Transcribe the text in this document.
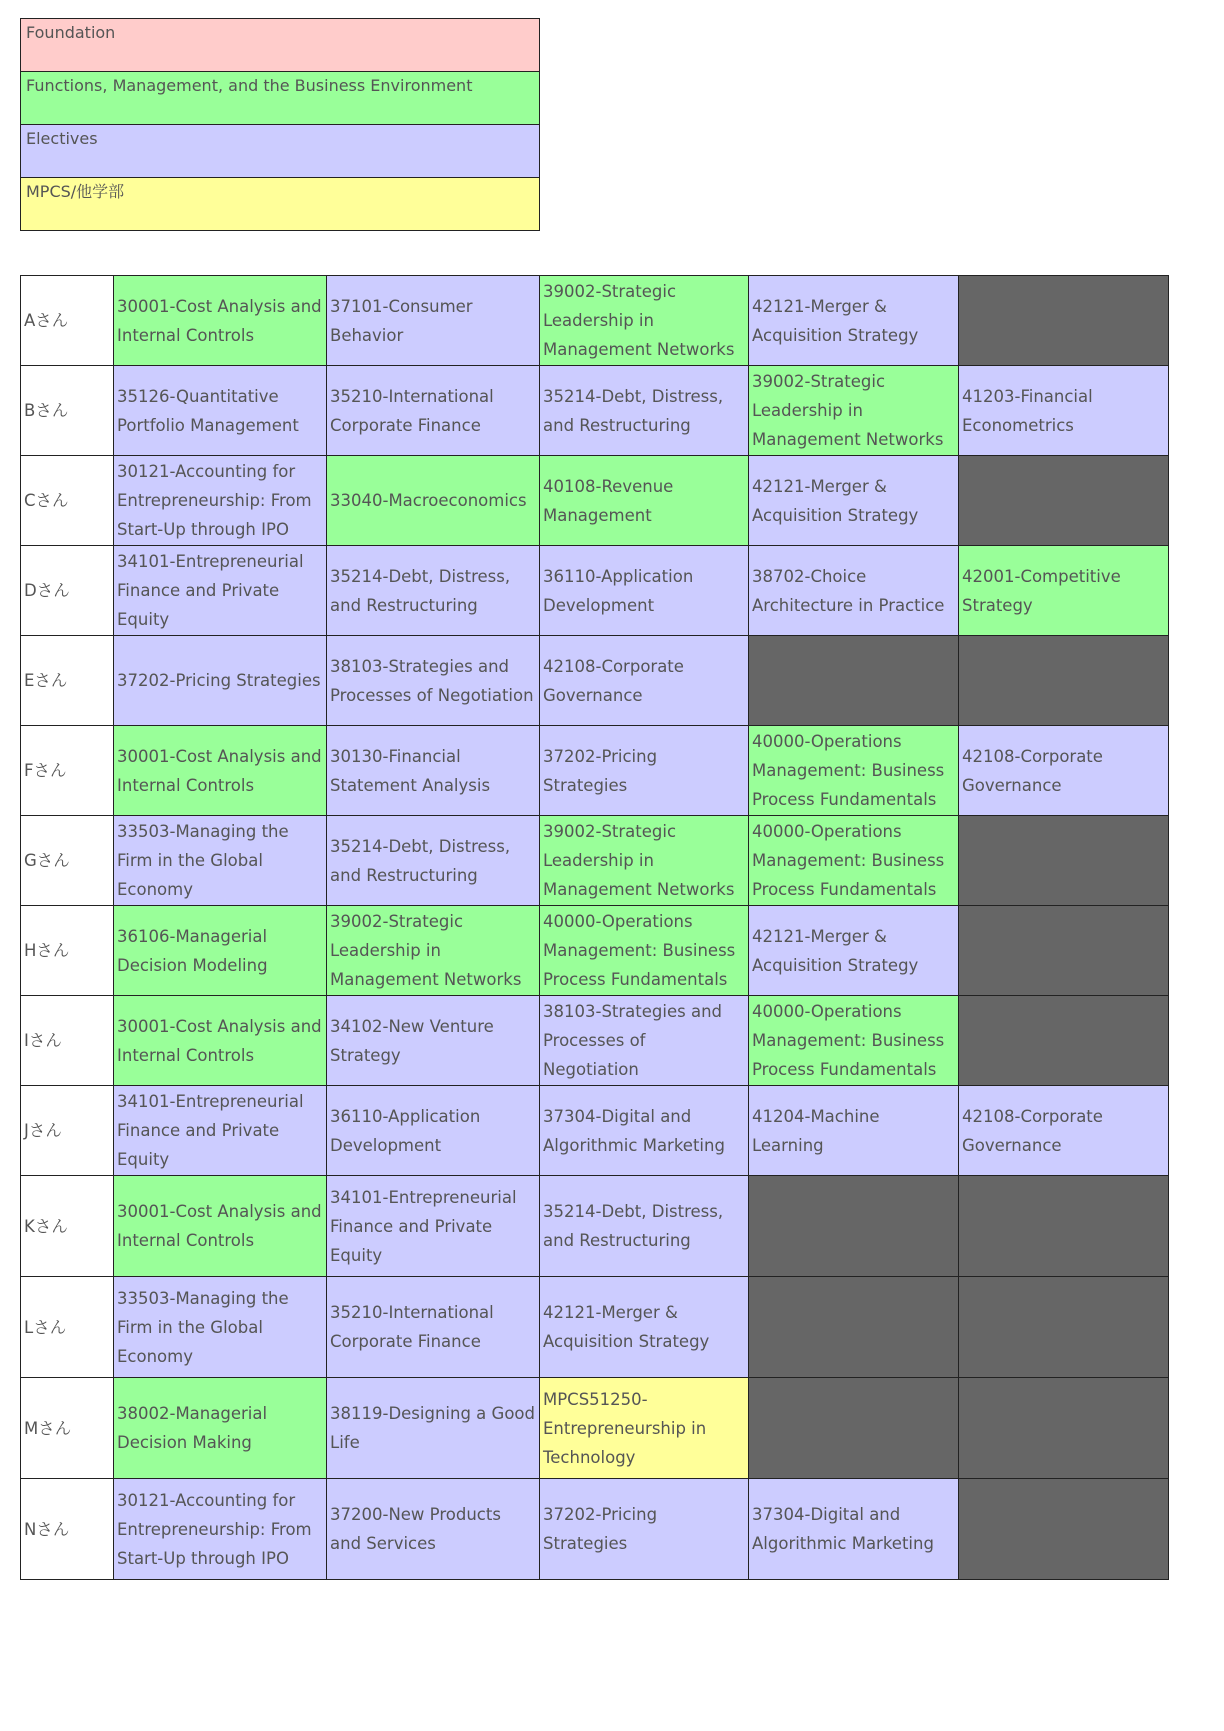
Foundation
Functions, Management, and the Business Environment
Electives
MPCS/他学部
Aさん	30001-Cost Analysis and Internal Controls	37101-Consumer Behavior	39002-Strategic Leadership in Management Networks	42121-Merger & Acquisition Strategy	
Bさん	35126-Quantitative Portfolio Management	35210-International Corporate Finance	35214-Debt, Distress, and Restructuring	39002-Strategic Leadership in Management Networks	41203-Financial Econometrics
Cさん	30121-Accounting for Entrepreneurship: From Start-Up through IPO	33040-Macroeconomics	40108-Revenue Management	42121-Merger & Acquisition Strategy	
Dさん	34101-Entrepreneurial Finance and Private Equity	35214-Debt, Distress, and Restructuring	36110-Application Development	38702-Choice Architecture in Practice	42001-Competitive Strategy
Eさん	37202-Pricing Strategies	38103-Strategies and Processes of Negotiation	42108-Corporate Governance		
Fさん	30001-Cost Analysis and Internal Controls	30130-Financial Statement Analysis	37202-Pricing Strategies	40000-Operations Management: Business Process Fundamentals	42108-Corporate Governance
Gさん	33503-Managing the Firm in the Global Economy	35214-Debt, Distress, and Restructuring	39002-Strategic Leadership in Management Networks	40000-Operations Management: Business Process Fundamentals	
Hさん	36106-Managerial Decision Modeling	39002-Strategic Leadership in Management Networks	40000-Operations Management: Business Process Fundamentals	42121-Merger & Acquisition Strategy	
Iさん	30001-Cost Analysis and Internal Controls	34102-New Venture Strategy	38103-Strategies and Processes of Negotiation	40000-Operations Management: Business Process Fundamentals	
Jさん	34101-Entrepreneurial Finance and Private Equity	36110-Application Development	37304-Digital and Algorithmic Marketing	41204-Machine Learning	42108-Corporate Governance
Kさん	30001-Cost Analysis and Internal Controls	34101-Entrepreneurial Finance and Private Equity	35214-Debt, Distress, and Restructuring		
Lさん	33503-Managing the Firm in the Global Economy	35210-International Corporate Finance	42121-Merger & Acquisition Strategy		
Mさん	38002-Managerial Decision Making	38119-Designing a Good Life	MPCS51250-Entrepreneurship in Technology		
Nさん	30121-Accounting for Entrepreneurship: From Start-Up through IPO	37200-New Products and Services	37202-Pricing Strategies	37304-Digital and Algorithmic Marketing	
